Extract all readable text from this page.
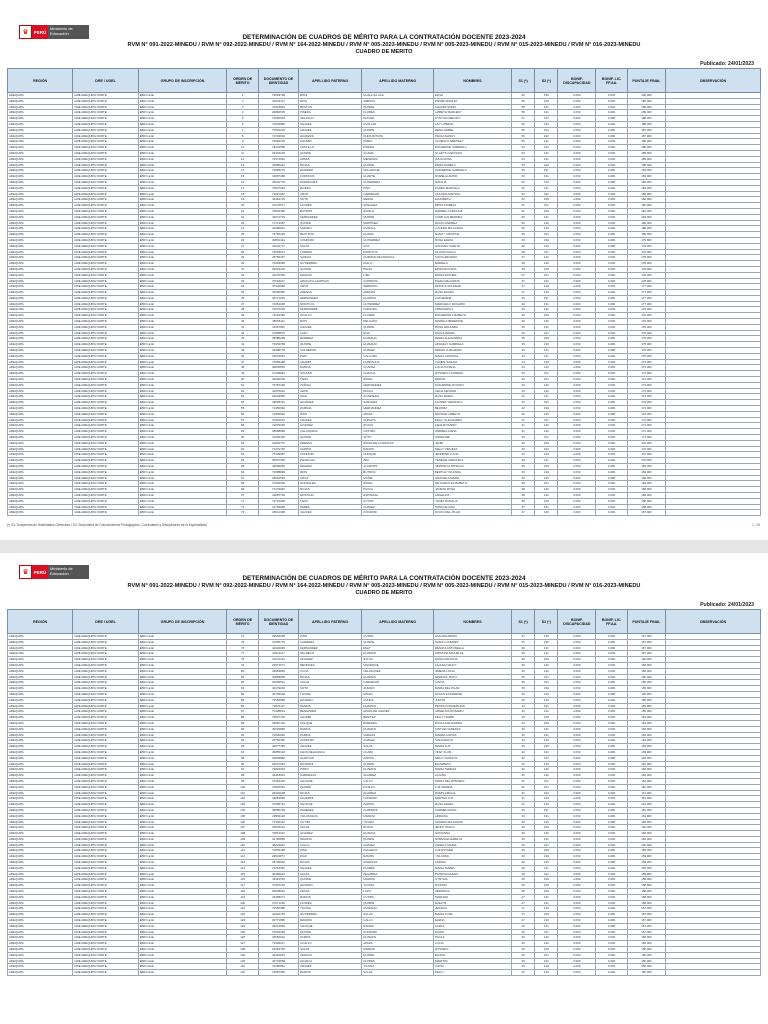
♛	PERÚ
Ministerio de Educación
DETERMINACIÓN DE CUADROS DE MÉRITO PARA LA CONTRATACIÓN DOCENTE 2023-2024
RVM N° 091-2022-MINEDU / RVM N° 092-2022-MINEDU / RVM N° 164-2022-MINEDU / RVM N° 005-2023-MINEDU / RVM N° 005-2023-MINEDU / RVM N° 015-2023-MINEDU / RVM N° 016-2023-MINEDU
CUADRO DE MERITO
Publicado: 24/01/2023
REGIÓN	DRE / UGEL	GRUPO DE INSCRIPCIÓN	ORDEN DE MÉRITO	DOCUMENTO DE IDENTIDAD	APELLIDO PATERNO	APELLIDO MATERNO	NOMBRES	S1 (*)	S2 (*)	BONIF. DISCAPACIDAD	BONIF. LIC. FF.AA.	PUNTAJE FINAL	OBSERVACIÓN
AREQUIPA	GRE AREQUIPA NORTE	EBR Inicial	1	73609738	RIOS	HUALLULLACA	ELISA	60	130	0.000	0.000	190.000	
AREQUIPA	GRE AREQUIPA NORTE	EBR Inicial	2	40432117	RIOS	ARENAS	PANSE SHIRLEY	59	130	0.000	0.000	189.000	
AREQUIPA	GRE AREQUIPA NORTE	EBR Inicial	3	47023533	BUSTOS	QUISPE	CHAVEZ SONIA	58	131	0.000	0.000	189.000	
AREQUIPA	GRE AREQUIPA NORTE	EBR Inicial	4	29866505	PINEDA	FLORES	LIZBETH MARLENY	58	131	0.000	0.000	189.000	
AREQUIPA	GRE AREQUIPA NORTE	EBR Inicial	5	72260978	VELASCO	PACORI	CYNTHIA MELODY	57	131	0.000	0.000	188.000	
AREQUIPA	GRE AREQUIPA NORTE	EBR Inicial	6	71804869	CHAVEZ	HUALLPA	LILY LIZBETH	56	132	0.000	0.000	188.000	
AREQUIPA	GRE AREQUIPA NORTE	EBR Inicial	7	72532015	CHAVEZ	QUISPE	RENA ISABEL	56	131	0.000	0.000	187.000	
AREQUIPA	GRE AREQUIPA NORTE	EBR Inicial	8	71794916	HUAMANI	CHIQUINTUPA	PAOLA NANCY	55	132	0.000	0.000	187.000	
AREQUIPA	GRE AREQUIPA NORTE	EBR Inicial	9	70081706	CHUMPI	PAMIO	CLOMAYO MERCELY	55	131	0.000	0.000	186.000	
AREQUIPA	GRE AREQUIPA NORTE	EBR Inicial	10	78434588	CASTILLO	PINEDA	KATHERINE GABRIELA	54	132	0.000	0.000	186.000	
AREQUIPA	GRE AREQUIPA NORTE	EBR Inicial	11	29443135	QUISPE	CCAMA	GLADYS CAROLINA	54	131	0.000	0.000	185.000	
AREQUIPA	GRE AREQUIPA NORTE	EBR Inicial	12	72974993	APAZA	MENDOZA	JULIA ROSA	54	131	0.000	0.000	185.000	
AREQUIPA	GRE AREQUIPA NORTE	EBR Inicial	13	44880244	ROJAS	QUISPE	ERIKA PAMELA	53	132	0.000	0.000	185.000	
AREQUIPA	GRE AREQUIPA NORTE	EBR Inicial	14	70083176	ROMERO	VALCARCEL	KATHERINE GABRIELA	53	131	0.000	0.000	184.000	
AREQUIPA	GRE AREQUIPA NORTE	EBR Inicial	15	43897468	CORDOVA	HUARTE	ROMELIA AMOR	53	131	0.000	0.000	184.000	
AREQUIPA	GRE AREQUIPA NORTE	EBR Inicial	16	44931778	RODRIGUEZ	GUTIERREZ	NATALIA	52	132	0.000	0.000	184.000	
AREQUIPA	GRE AREQUIPA NORTE	EBR Inicial	17	70947494	RIVERA	PINO	KAREN MARCELA	52	131	0.000	0.000	183.000	
AREQUIPA	GRE AREQUIPA NORTE	EBR Inicial	18	71947907	CRUZ	CARDENAS	CLAUDIA MARTHA	52	131	0.000	0.000	183.000	
AREQUIPA	GRE AREQUIPA NORTE	EBR Inicial	19	44462725	SOTO	SERNA	ELIZABETH	52	130	0.000	0.000	182.000	
AREQUIPA	GRE AREQUIPA NORTE	EBR Inicial	20	41476671	FLORES	SANCHEZ	BRITA FIORELA	51	131	0.000	0.000	182.000	
AREQUIPA	GRE AREQUIPA NORTE	EBR Inicial	21	70834499	BUTRON	ZAVALA	ANDREA CAROLINA	51	130	0.000	0.000	181.000	
AREQUIPA	GRE AREQUIPA NORTE	EBR Inicial	22	43072718	FERNANDEZ	QUISPE	CAMILA ALMENDRA	50	131	0.000	0.000	181.000	
AREQUIPA	GRE AREQUIPA NORTE	EBR Inicial	23	71713387	QUISPE	MARTINEZ	ROCIO ANDREA	50	130	0.000	0.000	180.000	
AREQUIPA	GRE AREQUIPA NORTE	EBR Inicial	24	44980901	LAZARO	HUANCA	LUCERO MILAGROS	50	130	0.000	0.000	180.000	
AREQUIPA	GRE AREQUIPA NORTE	EBR Inicial	25	73750433	BAUTISTA	HUAMA	NANCY CRISTINA	49	131	0.000	0.000	180.000	
AREQUIPA	GRE AREQUIPA NORTE	EBR Inicial	26	40891441	CONDORI	GUTIERREZ	ROSA ELENA	49	130	0.000	0.000	179.000	
AREQUIPA	GRE AREQUIPA NORTE	EBR Inicial	27	44019717	SALAS	COA	GIOVANA YANETH	49	130	0.000	0.000	179.000	
AREQUIPA	GRE AREQUIPA NORTE	EBR Inicial	28	72839913	TORRES	MONTOYA	LILIANA PAOLA	48	131	0.000	0.000	179.000	
AREQUIPA	GRE AREQUIPA NORTE	EBR Inicial	29	45750457	GARCIA	GUZMAN DE FRANCIA	SILVIA ARIADNA	47	132	0.000	0.000	179.000	
AREQUIPA	GRE AREQUIPA NORTE	EBR Inicial	30	70294098	GUTIERREZ	PALLO	MARIELA	48	130	0.000	0.000	178.000	
AREQUIPA	GRE AREQUIPA NORTE	EBR Inicial	31	29343102	QUISPE	PALZA	ERIKA ROXANA	48	130	0.000	0.000	178.000	
AREQUIPA	GRE AREQUIPA NORTE	EBR Inicial	32	40275465	MAMANI	LIMA	MARIA ESTHER	47	131	0.000	0.000	178.000	
AREQUIPA	GRE AREQUIPA NORTE	EBR Inicial	33	70018917	ARAGON LLAMOSAS	CORDOVA	DIANA MILAGROS	47	131	0.000	0.000	178.000	
AREQUIPA	GRE AREQUIPA NORTE	EBR Inicial	34	47320848	CRUZ	SERRANO	MONICA SOLEDAD	47	130	0.000	0.000	177.000	
AREQUIPA	GRE AREQUIPA NORTE	EBR Inicial	35	43250955	ARENAS	ARENAS	ROSA ELVIRA	47	130	0.000	0.000	177.000	
AREQUIPA	GRE AREQUIPA NORTE	EBR Inicial	36	40271245	HERNANDEZ	HUAMAN	CATHERINE	46	131	0.000	0.000	177.000	
AREQUIPA	GRE AREQUIPA NORTE	EBR Inicial	37	72064028	MONTOYA	GUTIERREZ	MARICIELO ROSARIO	46	131	0.000	0.000	177.000	
AREQUIPA	GRE AREQUIPA NORTE	EBR Inicial	38	70975150	FERNANDEZ	FUENTES	FRIDA ERICA	46	130	0.000	0.000	176.000	
AREQUIPA	GRE AREQUIPA NORTE	EBR Inicial	39	71193499	CCALLO	FLORES	KATHERINE LIZABETH	46	130	0.000	0.000	176.000	
AREQUIPA	GRE AREQUIPA NORTE	EBR Inicial	40	48095112	RIOS	DELGADO	MARIELA BERENICE	46	130	0.000	0.000	176.000	
AREQUIPA	GRE AREQUIPA NORTE	EBR Inicial	41	41957897	CHAVEZ	QUISPE	ROSA HOLANDA	45	131	0.000	0.000	176.000	
AREQUIPA	GRE AREQUIPA NORTE	EBR Inicial	42	47808879	LAZO	DIAZ	PAOLA INDIRA	45	131	0.000	0.000	176.000	
AREQUIPA	GRE AREQUIPA NORTE	EBR Inicial	43	45685298	RAMIREZ	HUAMANI	MARIA ALEXANDRA	45	130	0.000	0.000	175.000	
AREQUIPA	GRE AREQUIPA NORTE	EBR Inicial	44	72354798	QUISPE	HUAMANI	ARACELY GABRIELA	45	130	0.000	0.000	175.000	
AREQUIPA	GRE AREQUIPA NORTE	EBR Inicial	45	42098778	CALDERON	CHAVEZ	MIRIAN LUZGARDA	44	131	0.000	0.000	175.000	
AREQUIPA	GRE AREQUIPA NORTE	EBR Inicial	46	43379691	PARI	CALLOMA	MARIA CRISTINA	44	131	0.000	0.000	175.000	
AREQUIPA	GRE AREQUIPA NORTE	EBR Inicial	47	70685498	CHAMPI	HUARACHA	YANIRE SARAHI	44	130	0.000	0.000	174.000	
AREQUIPA	GRE AREQUIPA NORTE	EBR Inicial	48	40835953	RAMOS	CCANSA	LUCIA VIVIANA	44	130	0.000	0.000	174.000	
AREQUIPA	GRE AREQUIPA NORTE	EBR Inicial	49	47308944	SOLANO	CHACCA	ROSARIO LOURDES	43	131	0.000	0.000	174.000	
AREQUIPA	GRE AREQUIPA NORTE	EBR Inicial	50	40692236	TAPIA	APAZA	MIRIAN	43	131	0.000	0.000	174.000	
AREQUIPA	GRE AREQUIPA NORTE	EBR Inicial	51	73787439	ZUÑIGA	HERNANDEZ	KATHERINE ROXANY	43	130	0.000	0.000	173.000	
AREQUIPA	GRE AREQUIPA NORTE	EBR Inicial	52	41875931	LEON	PAUCA	CELIA LEONOR	43	130	0.000	0.000	173.000	
AREQUIPA	GRE AREQUIPA NORTE	EBR Inicial	53	29403636	DIAZ	GONZALES	ROSA MARIA	42	131	0.000	0.000	173.000	
AREQUIPA	GRE AREQUIPA NORTE	EBR Inicial	54	43838416	HUAMANI	SANCHEZ	FLORES VERONICA	42	131	0.000	0.000	173.000	
AREQUIPA	GRE AREQUIPA NORTE	EBR Inicial	55	71456092	ZAPANA	HERNANDEZ	BEATRIZ	42	130	0.000	0.000	172.000	
AREQUIPA	GRE AREQUIPA NORTE	EBR Inicial	56	71836691	RIOS	APAZA	MATILDE LIZBETH	42	130	0.000	0.000	172.000	
AREQUIPA	GRE AREQUIPA NORTE	EBR Inicial	57	70316613	CHAVEZ	CHINAYA	KELLY ALEXANDRA	41	131	0.000	0.000	172.000	
AREQUIPA	GRE AREQUIPA NORTE	EBR Inicial	58	41803353	ALVAREZ	ROJAS	LENA ROSARIO	41	130	0.000	0.000	171.000	
AREQUIPA	GRE AREQUIPA NORTE	EBR Inicial	59	48088968	VILLANUEVA	CASTRO	ANDREA DIANA	41	130	0.000	0.000	171.000	
AREQUIPA	GRE AREQUIPA NORTE	EBR Inicial	60	70269436	QUISPE	SOTO	ANGELINE	40	131	0.000	0.000	171.000	
AREQUIPA	GRE AREQUIPA NORTE	EBR Inicial	61	42962772	ARENAS	APAZA DE LLAMOSAS	JANIE	40	130	0.000	0.000	170.000	
AREQUIPA	GRE AREQUIPA NORTE	EBR Inicial	62	71272700	CARPIO	RAMOS	NELLY VIRGINIA	40	130	0.000	0.000	170.000	
AREQUIPA	GRE AREQUIPA NORTE	EBR Inicial	63	77339957	CONDORI	CHOQUE	JENNIFER LUCIA	40	130	0.000	0.000	170.000	
AREQUIPA	GRE AREQUIPA NORTE	EBR Inicial	64	45697166	PANIAGUA	ZEA	YESENIA VERONICA	39	131	0.000	0.000	170.000	
AREQUIPA	GRE AREQUIPA NORTE	EBR Inicial	65	44999952	MAMANI	ALARCON	VERONICA PATRICIA	39	130	0.000	0.000	169.000	
AREQUIPA	GRE AREQUIPA NORTE	EBR Inicial	66	72688839	RIOS	BUTRON	BERTHA YOLANDA	39	130	0.000	0.000	169.000	
AREQUIPA	GRE AREQUIPA NORTE	EBR Inicial	67	44991525	CRUZ	MUÑIZ	GRACIELA MARIA	39	130	0.000	0.000	169.000	
AREQUIPA	GRE AREQUIPA NORTE	EBR Inicial	68	70394939	GONZALES	APAZA	MILAGROS ELIZABETH	38	131	0.000	0.000	169.000	
AREQUIPA	GRE AREQUIPA NORTE	EBR Inicial	69	71279081	ROJAS	PAUCA	JANETH ROSA	38	130	0.000	0.000	168.000	
AREQUIPA	GRE AREQUIPA NORTE	EBR Inicial	70	41887739	MOSTAJO	ESPINOZA	ANGELICA	38	130	0.000	0.000	168.000	
AREQUIPA	GRE AREQUIPA NORTE	EBR Inicial	71	72791906	TAPIA	CUTIPA	YANET ROSALIA	38	130	0.000	0.000	168.000	
AREQUIPA	GRE AREQUIPA NORTE	EBR Inicial	72	41765968	PEREZ	CHAVEZ	SONIA ELIANA	37	131	0.000	0.000	168.000	
AREQUIPA	GRE AREQUIPA NORTE	EBR Inicial	73	43512068	CHAVEZ	CONDORI	ROCIO DEL PILAR	37	130	0.000	0.000	167.000	
(*) S1: Subprueba de Habilidades Generales / S2: Subprueba de Conocimientos Pedagógicos, Curriculares y Disciplinares de la Especialidad	1 / 26
♛	PERÚ
Ministerio de Educación
DETERMINACIÓN DE CUADROS DE MÉRITO PARA LA CONTRATACIÓN DOCENTE 2023-2024
RVM N° 091-2022-MINEDU / RVM N° 092-2022-MINEDU / RVM N° 164-2022-MINEDU / RVM N° 005-2023-MINEDU / RVM N° 005-2023-MINEDU / RVM N° 015-2023-MINEDU / RVM N° 016-2023-MINEDU
CUADRO DE MERITO
Publicado: 24/01/2023
REGIÓN	DRE / UGEL	GRUPO DE INSCRIPCIÓN	ORDEN DE MÉRITO	DOCUMENTO DE IDENTIDAD	APELLIDO PATERNO	APELLIDO MATERNO	NOMBRES	S1 (*)	S2 (*)	BONIF. DISCAPACIDAD	BONIF. LIC. FF.AA.	PUNTAJE FINAL	OBSERVACIÓN
AREQUIPA	GRE AREQUIPA NORTE	EBR Inicial	74	29652238	PINO	CUTIPA	CLAUDIA REINA	37	130	0.000	0.000	167.000	
AREQUIPA	GRE AREQUIPA NORTE	EBR Inicial	75	47956776	CARRERA	QUISPE	NADIA LOURDES	37	130	0.000	0.000	167.000	
AREQUIPA	GRE AREQUIPA NORTE	EBR Inicial	76	42344649	FERNANDEZ	DIAZ	RENATA ANTONELLA	36	131	0.000	0.000	167.000	
AREQUIPA	GRE AREQUIPA NORTE	EBR Inicial	77	44021117	PACHECO	HUAMAN	CRISTINA MICHELLE	36	131	0.000	0.000	167.000	
AREQUIPA	GRE AREQUIPA NORTE	EBR Inicial	78	41231414	ALVAREZ	SALAS	SONIA PATRICIA	36	130	0.000	0.000	166.000	
AREQUIPA	GRE AREQUIPA NORTE	EBR Inicial	79	29574071	MENDOZA	MANRIQUE	LILIANA NANCY	36	130	0.000	0.000	166.000	
AREQUIPA	GRE AREQUIPA NORTE	EBR Inicial	80	43983845	CCOA	VELASQUEZ	JIMENA LUCIA	36	130	0.000	0.000	166.000	
AREQUIPA	GRE AREQUIPA NORTE	EBR Inicial	81	40883658	ROJAS	HUAMAN	MARISOL RUTH	35	131	0.000	0.000	166.000	
AREQUIPA	GRE AREQUIPA NORTE	EBR Inicial	82	40099521	CALLE	CARDENAS	CINTIA	35	131	0.000	0.000	166.000	
AREQUIPA	GRE AREQUIPA NORTE	EBR Inicial	83	43179033	SOTO	ALFARO	MARIA DEL PILAR	35	130	0.000	0.000	165.000	
AREQUIPA	GRE AREQUIPA NORTE	EBR Inicial	84	40706303	TICONA	APAZA	SUSAN KATHERINE	35	130	0.000	0.000	165.000	
AREQUIPA	GRE AREQUIPA NORTE	EBR Inicial	85	73566868	HUAMAN	CHURA	JUDITH	35	130	0.000	0.000	165.000	
AREQUIPA	GRE AREQUIPA NORTE	EBR Inicial	86	73976117	RAMOS	HUAMAN	PETRA CONCEPCION	34	131	0.000	0.000	165.000	
AREQUIPA	GRE AREQUIPA NORTE	EBR Inicial	87	71328813	BENAVIDES	APAZA DE CHAVEZ	ANGELICA ROSARIO	34	131	0.000	0.000	165.000	
AREQUIPA	GRE AREQUIPA NORTE	EBR Inicial	88	70827702	CHAMBI	BENITEZ	KELLY NOEMI	34	130	0.000	0.000	164.000	
AREQUIPA	GRE AREQUIPA NORTE	EBR Inicial	89	43887416	COLQUE	PAREDES	PAOLA ALEJANDRA	34	130	0.000	0.000	164.000	
AREQUIPA	GRE AREQUIPA NORTE	EBR Inicial	90	40625885	RAMOS	HUAMAN	CINTHIA VANESSA	33	131	0.000	0.000	164.000	
AREQUIPA	GRE AREQUIPA NORTE	EBR Inicial	91	70930940	ZAPATA	VARGAS	MARIELA ROSA	33	131	0.000	0.000	164.000	
AREQUIPA	GRE AREQUIPA NORTE	EBR Inicial	92	29750425	CONDORI	CHAVEZ	SOFIA EDITH	33	130	0.000	0.000	163.000	
AREQUIPA	GRE AREQUIPA NORTE	EBR Inicial	93	44977484	CHAVEZ	SALAS	MARIA LUZ	33	130	0.000	0.000	163.000	
AREQUIPA	GRE AREQUIPA NORTE	EBR Inicial	94	46885193	CHOQUEHUANCA	CCAPA	YENY FLOR	32	131	0.000	0.000	163.000	
AREQUIPA	GRE AREQUIPA NORTE	EBR Inicial	95	40848882	ALARCON	ZAPATA	NELLY FRANCIS	32	131	0.000	0.000	163.000	
AREQUIPA	GRE AREQUIPA NORTE	EBR Inicial	96	29347081	HUAMANI	QUISPE	ELIZABETH	32	130	0.000	0.000	162.000	
AREQUIPA	GRE AREQUIPA NORTE	EBR Inicial	97	71822063	PINTO	HUAMAN	MARIA TERESA	32	130	0.000	0.000	162.000	
AREQUIPA	GRE AREQUIPA NORTE	EBR Inicial	98	43418931	CARDENAS	ALVAREZ	LILIANA	32	130	0.000	0.000	162.000	
AREQUIPA	GRE AREQUIPA NORTE	EBR Inicial	99	70181404	CHOQUE	CALLO	MARIA DEL ROSARIO	31	131	0.000	0.000	162.000	
AREQUIPA	GRE AREQUIPA NORTE	EBR Inicial	100	47815561	QUISPE	CCALLO	LUZ MARINA	31	131	0.000	0.000	162.000	
AREQUIPA	GRE AREQUIPA NORTE	EBR Inicial	101	29342198	ROJAS	ALVAREZ	DORIS AMALIA	31	130	0.000	0.000	161.000	
AREQUIPA	GRE AREQUIPA NORTE	EBR Inicial	102	43281839	HUAMANI	CONDORI	MARTHA LUZ	31	130	0.000	0.000	161.000	
AREQUIPA	GRE AREQUIPA NORTE	EBR Inicial	103	70398761	CHOQUE	ZAPATA	ROSA ELENA	31	130	0.000	0.000	161.000	
AREQUIPA	GRE AREQUIPA NORTE	EBR Inicial	104	45880193	PAREDES	CUADROS	CARMEN ROSA	30	131	0.000	0.000	161.000	
AREQUIPA	GRE AREQUIPA NORTE	EBR Inicial	105	29563118	VILLANUEVA	MAMANI	ADRIANA	30	131	0.000	0.000	161.000	
AREQUIPA	GRE AREQUIPA NORTE	EBR Inicial	106	71330412	CUTIPA	TICONA	SANDRA MILAGROS	30	130	0.000	0.000	160.000	
AREQUIPA	GRE AREQUIPA NORTE	EBR Inicial	107	43978013	SALAS	ROJAS	JENNY PAOLA	30	130	0.000	0.000	160.000	
AREQUIPA	GRE AREQUIPA NORTE	EBR Inicial	108	70813337	ALVAREZ	HUANCA	GIOVANNA	30	130	0.000	0.000	160.000	
AREQUIPA	GRE AREQUIPA NORTE	EBR Inicial	109	42760855	MAMANI	QUISPE	NORMA ELIZABETH	29	131	0.000	0.000	160.000	
AREQUIPA	GRE AREQUIPA NORTE	EBR Inicial	110	48223910	CALLO	CHAVEZ	ANGELA MARIA	29	131	0.000	0.000	160.000	
AREQUIPA	GRE AREQUIPA NORTE	EBR Inicial	111	72854186	PINO	PACHECO	LUZ ESTHER	29	130	0.000	0.000	159.000	
AREQUIPA	GRE AREQUIPA NORTE	EBR Inicial	112	29904871	DIAZ	RAMOS	YOLANDA	29	130	0.000	0.000	159.000	
AREQUIPA	GRE AREQUIPA NORTE	EBR Inicial	113	46739562	ROJAS	VALENCIA	KARINA	29	130	0.000	0.000	159.000	
AREQUIPA	GRE AREQUIPA NORTE	EBR Inicial	114	71254487	CHAVEZ	FLORES	MARIA ISABEL	28	131	0.000	0.000	159.000	
AREQUIPA	GRE AREQUIPA NORTE	EBR Inicial	115	40366914	SALAS	ZEGARRA	PATRICIA ELENA	28	131	0.000	0.000	159.000	
AREQUIPA	GRE AREQUIPA NORTE	EBR Inicial	116	43119756	QUISPE	MAMANI	CYNTHIA	28	130	0.000	0.000	158.000	
AREQUIPA	GRE AREQUIPA NORTE	EBR Inicial	117	70497133	HUAMAN	TICONA	ROXANA	28	130	0.000	0.000	158.000	
AREQUIPA	GRE AREQUIPA NORTE	EBR Inicial	118	29608924	APAZA	LAZO	VERONICA	28	130	0.000	0.000	158.000	
AREQUIPA	GRE AREQUIPA NORTE	EBR Inicial	119	42388071	RAMOS	CUTIPA	MARLENI	27	131	0.000	0.000	158.000	
AREQUIPA	GRE AREQUIPA NORTE	EBR Inicial	120	47071226	FLORES	QUISPE	EVELYN	27	131	0.000	0.000	158.000	
AREQUIPA	GRE AREQUIPA NORTE	EBR Inicial	121	72650398	TICONA	HUAMANI	JESSICA	27	130	0.000	0.000	157.000	
AREQUIPA	GRE AREQUIPA NORTE	EBR Inicial	122	41922764	GUTIERREZ	SALAS	MARIA JOSE	27	130	0.000	0.000	157.000	
AREQUIPA	GRE AREQUIPA NORTE	EBR Inicial	123	29771805	MAMANI	CALLO	ELENA	27	130	0.000	0.000	157.000	
AREQUIPA	GRE AREQUIPA NORTE	EBR Inicial	124	45214693	CHOQUE	RAMOS	KARLA	26	131	0.000	0.000	157.000	
AREQUIPA	GRE AREQUIPA NORTE	EBR Inicial	125	70063348	QUISPE	CONDORI	DIANA	26	131	0.000	0.000	157.000	
AREQUIPA	GRE AREQUIPA NORTE	EBR Inicial	126	43650912	ZAPATA	HUAMAN	PAOLA	26	130	0.000	0.000	156.000	
AREQUIPA	GRE AREQUIPA NORTE	EBR Inicial	127	71905217	CCALLO	APAZA	LUCIA	26	130	0.000	0.000	156.000	
AREQUIPA	GRE AREQUIPA NORTE	EBR Inicial	128	29453766	SALAS	MAMANI	ROSARIO	26	130	0.000	0.000	156.000	
AREQUIPA	GRE AREQUIPA NORTE	EBR Inicial	129	46118203	VARGAS	QUISPE	ELIANA	25	131	0.000	0.000	156.000	
AREQUIPA	GRE AREQUIPA NORTE	EBR Inicial	130	40733659	HUANCA	FLORES	MARITZA	25	131	0.000	0.000	156.000	
AREQUIPA	GRE AREQUIPA NORTE	EBR Inicial	131	72290854	CHAVEZ	TICONA	SILVIA	25	130	0.000	0.000	155.000	
AREQUIPA	GRE AREQUIPA NORTE	EBR Inicial	132	41587306	RAMOS	SALAS	KELLY	25	130	0.000	0.000	155.000	
